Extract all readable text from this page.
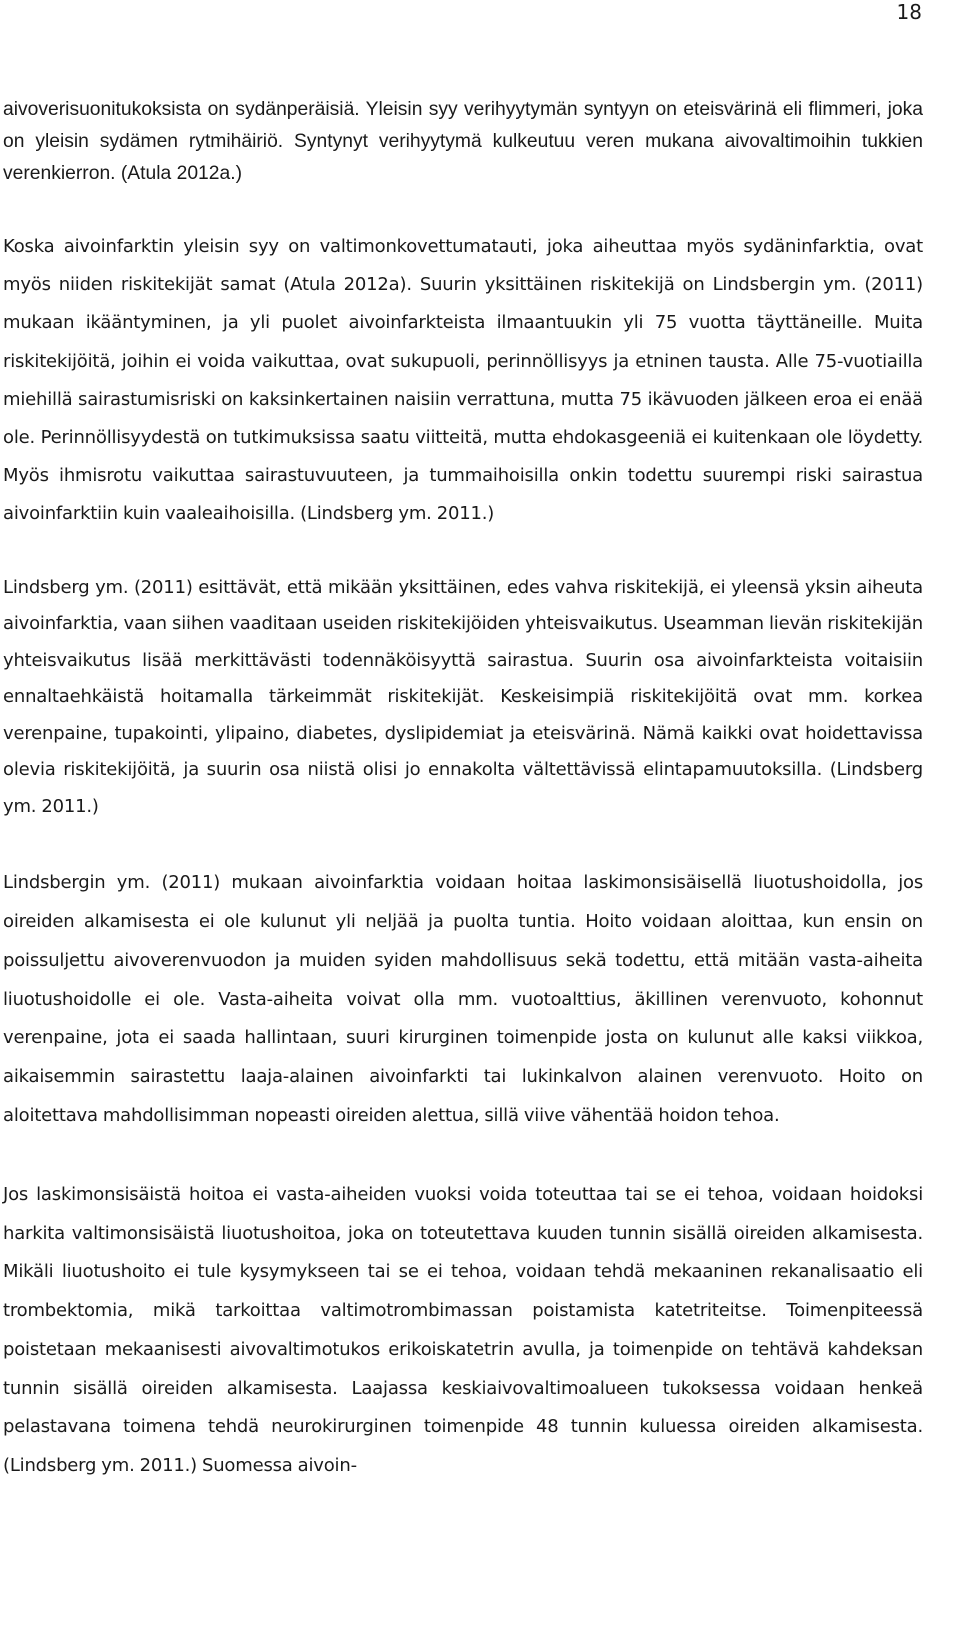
18

aivoverisuonitukoksista on sydänperäisiä. Yleisin syy verihyytymän syntyyn on eteisvärinä eli flimmeri, joka on yleisin sydämen rytmihäiriö. Syntynyt verihyytymä kulkeutuu veren mukana aivovaltimoihin tukkien verenkierron. (Atula 2012a.)

Koska aivoinfarktin yleisin syy on valtimonkovettumatauti, joka aiheuttaa myös sydäninfarktia, ovat myös niiden riskitekijät samat (Atula 2012a). Suurin yksittäinen riskitekijä on Lindsbergin ym. (2011) mukaan ikääntyminen, ja yli puolet aivoinfarkteista ilmaantuukin yli 75 vuotta täyttäneille. Muita riskitekijöitä, joihin ei voida vaikuttaa, ovat sukupuoli, perinnöllisyys ja etninen tausta. Alle 75-vuotiailla miehillä sairastumisriski on kaksinkertainen naisiin verrattuna, mutta 75 ikävuoden jälkeen eroa ei enää ole. Perinnöllisyydestä on tutkimuksissa saatu viitteitä, mutta ehdokasgeeniä ei kuitenkaan ole löydetty. Myös ihmisrotu vaikuttaa sairastuvuuteen, ja tummaihoisilla onkin todettu suurempi riski sairastua aivoinfarktiin kuin vaaleaihoisilla. (Lindsberg ym. 2011.)

Lindsberg ym. (2011) esittävät, että mikään yksittäinen, edes vahva riskitekijä, ei yleensä yksin aiheuta aivoinfarktia, vaan siihen vaaditaan useiden riskitekijöiden yhteisvaikutus. Useamman lievän riskitekijän yhteisvaikutus lisää merkittävästi todennäköisyyttä sairastua. Suurin osa aivoinfarkteista voitaisiin ennaltaehkäistä hoitamalla tärkeimmät riskitekijät. Keskeisimpiä riskitekijöitä ovat mm. korkea verenpaine, tupakointi, ylipaino, diabetes, dyslipidemiat ja eteisvärinä. Nämä kaikki ovat hoidettavissa olevia riskitekijöitä, ja suurin osa niistä olisi jo ennakolta vältettävissä elintapamuutoksilla. (Lindsberg ym. 2011.)

Lindsbergin ym. (2011) mukaan aivoinfarktia voidaan hoitaa laskimonsisäisellä liuotushoidolla, jos oireiden alkamisesta ei ole kulunut yli neljää ja puolta tuntia. Hoito voidaan aloittaa, kun ensin on poissuljettu aivoverenvuodon ja muiden syiden mahdollisuus sekä todettu, että mitään vasta-aiheita liuotushoidolle ei ole. Vasta-aiheita voivat olla mm. vuotoalttius, äkillinen verenvuoto, kohonnut verenpaine, jota ei saada hallintaan, suuri kirurginen toimenpide josta on kulunut alle kaksi viikkoa, aikaisemmin sairastettu laaja-alainen aivoinfarkti tai lukinkalvon alainen verenvuoto. Hoito on aloitettava mahdollisimman nopeasti oireiden alettua, sillä viive vähentää hoidon tehoa.

Jos laskimonsisäistä hoitoa ei vasta-aiheiden vuoksi voida toteuttaa tai se ei tehoa, voidaan hoidoksi harkita valtimonsisäistä liuotushoitoa, joka on toteutettava kuuden tunnin sisällä oireiden alkamisesta. Mikäli liuotushoito ei tule kysymykseen tai se ei tehoa, voidaan tehdä mekaaninen rekanalisaatio eli trombektomia, mikä tarkoittaa valtimotrombimassan poistamista katetriteitse. Toimenpiteessä poistetaan mekaanisesti aivovaltimotukos erikoiskatetrin avulla, ja toimenpide on tehtävä kahdeksan tunnin sisällä oireiden alkamisesta. Laajassa keskiaivovaltimoalueen tukoksessa voidaan henkeä pelastavana toimena tehdä neurokirurginen toimenpide 48 tunnin kuluessa oireiden alkamisesta. (Lindsberg ym. 2011.) Suomessa aivoin-
